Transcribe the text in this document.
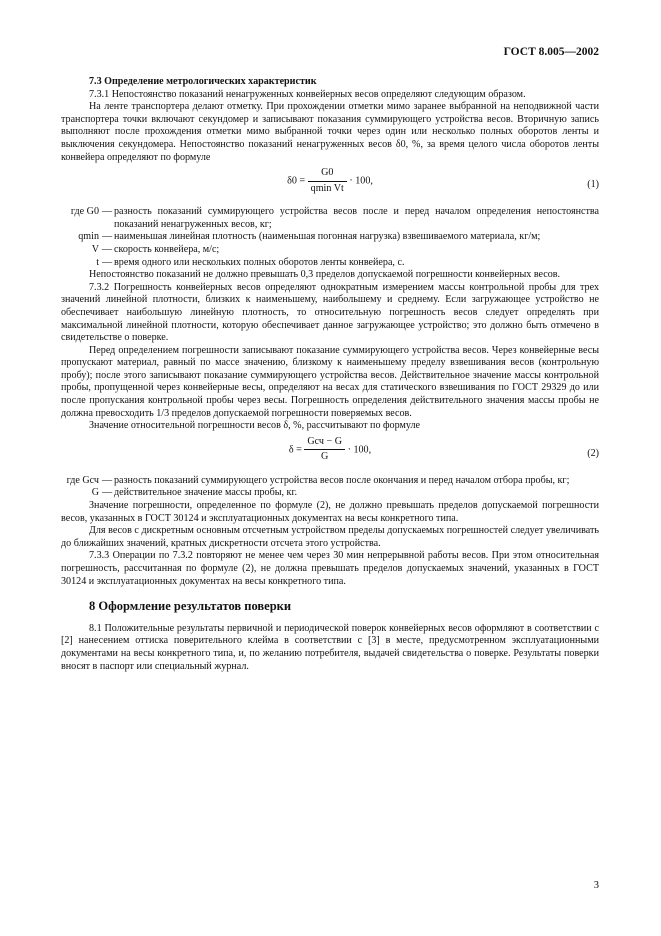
ГОСТ 8.005—2002

7.3 Определение метрологических характеристик

7.3.1 Непостоянство показаний ненагруженных конвейерных весов определяют следующим образом.

На ленте транспортера делают отметку. При прохождении отметки мимо заранее выбранной на неподвижной части транспортера точки включают секундомер и записывают показания суммирующего устройства весов. Вторичную запись выполняют после прохождения отметки мимо выбранной точки через один или несколько полных оборотов ленты и выключения секундомера. Непостоянство показаний ненагруженных весов δ0, %, за время целого числа оборотов ленты конвейера определяют по формуле

$\delta 0 = \frac{G0}{\text{qmin Vt}} \cdot 100$,	(1)
где G0 — разность показаний суммирующего устройства весов после и перед началом определения непостоянства показаний ненагруженных весов, кг;
qmin — наименьшая линейная плотность (наименьшая погонная нагрузка) взвешиваемого материала, кг/м;
V — скорость конвейера, м/с;
t — время одного или нескольких полных оборотов ленты конвейера, с.

Непостоянство показаний не должно превышать 0,3 пределов допускаемой погрешности конвейерных весов.

7.3.2 Погрешность конвейерных весов определяют однократным измерением массы контрольной пробы для трех значений линейной плотности, близких к наименьшему, наибольшему и среднему. Если загружающее устройство не обеспечивает наибольшую линейную плотность, то относительную погрешность весов следует определять при максимальной линейной плотности, которую обеспечивает данное загружающее устройство; это должно быть отмечено в свидетельстве о поверке.

Перед определением погрешности записывают показание суммирующего устройства весов. Через конвейерные весы пропускают материал, равный по массе значению, близкому к наименьшему пределу взвешивания весов (контрольную пробу); после этого записывают показание суммирующего устройства весов. Действительное значение массы контрольной пробы, пропущенной через конвейерные весы, определяют на весах для статического взвешивания по ГОСТ 29329 до или после пропускания контрольной пробы через весы. Погрешность определения действительного значения массы пробы не должна превосходить 1/3 пределов допускаемой погрешности поверяемых весов.

Значение относительной погрешности весов δ, %, рассчитывают по формуле

$\delta = \frac{\text{Gсч − G}}{G} \cdot 100$,	(2)
где Gсч — разность показаний суммирующего устройства весов после окончания и перед началом отбора пробы, кг;
G — действительное значение массы пробы, кг.

Значение погрешности, определенное по формуле (2), не должно превышать пределов допускаемой погрешности весов, указанных в ГОСТ 30124 и эксплуатационных документах на весы конкретного типа.

Для весов с дискретным основным отсчетным устройством пределы допускаемых погрешностей следует увеличивать до ближайших значений, кратных дискретности отсчета этого устройства.

7.3.3 Операции по 7.3.2 повторяют не менее чем через 30 мин непрерывной работы весов. При этом относительная погрешность, рассчитанная по формуле (2), не должна превышать пределов допускаемых значений, указанных в ГОСТ 30124 и эксплуатационных документах на весы конкретного типа.

8 Оформление результатов поверки

8.1 Положительные результаты первичной и периодической поверок конвейерных весов оформляют в соответствии с [2] нанесением оттиска поверительного клейма в соответствии с [3] в месте, предусмотренном эксплуатационными документами на весы конкретного типа, и, по желанию потребителя, выдачей свидетельства о поверке. Результаты поверки вносят в паспорт или специальный журнал.

3
